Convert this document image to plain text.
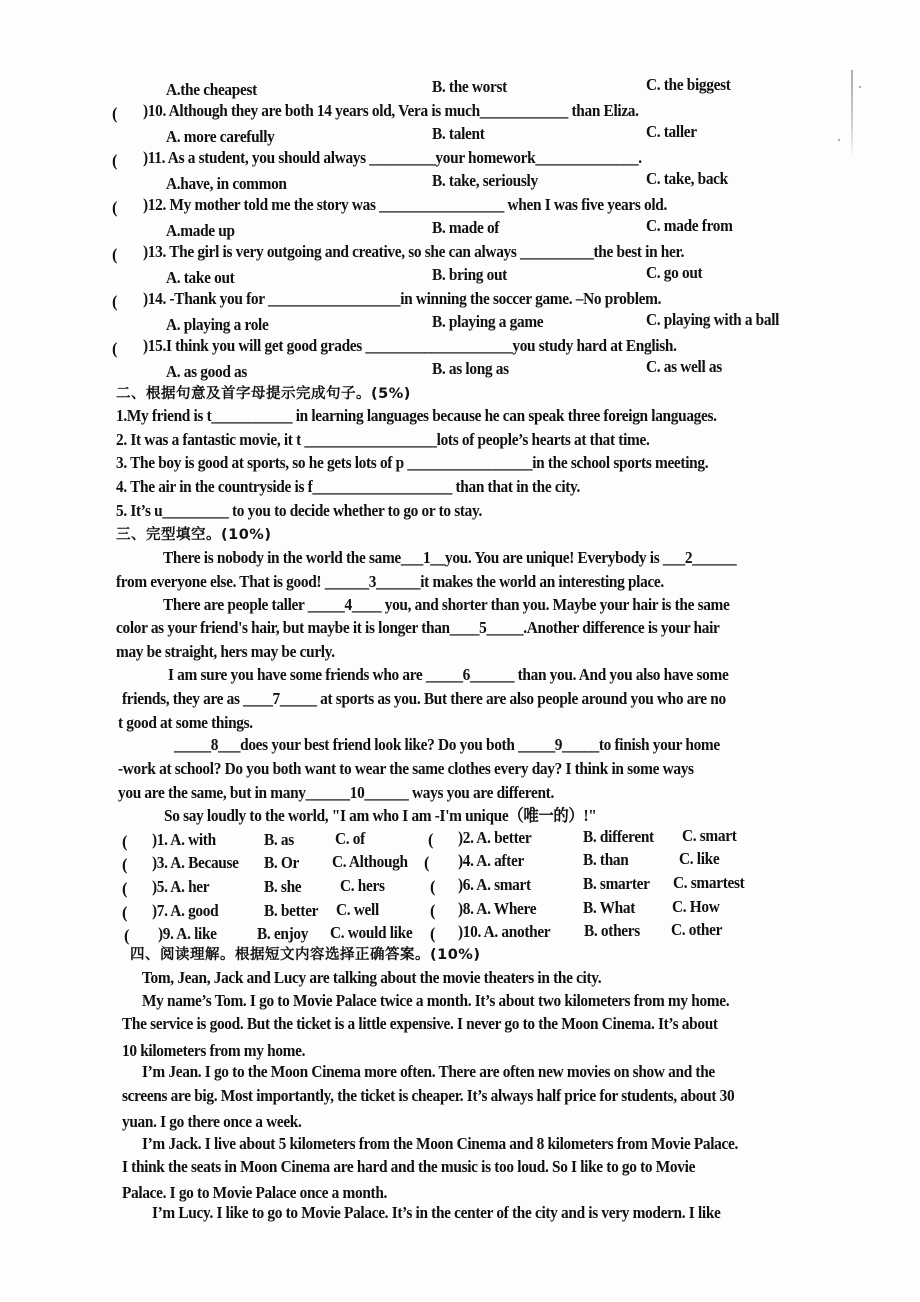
A.the cheapest	B. the worst	C. the biggest
( )10. Although they are both 14 years old, Vera is much____________ than Eliza.
A. more carefully	B. talent	C. taller
( )11. As a student, you should always _________your homework______________.
A.have, in common	B. take, seriously	C. take, back
( )12. My mother told me the story was _________________ when I was five years old.
A.made up	B. made of	C. made from
( )13. The girl is very outgoing and creative, so she can always __________the best in her.
A. take out	B. bring out	C. go out
( )14. -Thank you for __________________in winning the soccer game. –No problem.
A. playing a role	B. playing a game	C. playing with a ball
( )15.I think you will get good grades ____________________you study hard at English.
A. as good as	B. as long as	C. as well as
二、根据句意及首字母提示完成句子。(5%)
1.My friend is t___________ in learning languages because he can speak three foreign languages.
2. It was a fantastic movie, it t __________________lots of people’s hearts at that time.
3. The boy is good at sports, so he gets lots of p _________________in the school sports meeting.
4. The air in the countryside is f___________________ than that in the city.
5. It’s u_________ to you to decide whether to go or to stay.
三、完型填空。(10%)
There is nobody in the world the same___1__you. You are unique! Everybody is ___2______
from everyone else. That is good! ______3______it makes the world an interesting place.
There are people taller _____4____ you, and shorter than you. Maybe your hair is the same
color as your friend's hair, but maybe it is longer than____5_____.Another difference is your hair
may be straight, hers may be curly.
I am sure you have some friends who are _____6______ than you. And you also have some
friends, they are as ____7_____ at sports as you. But there are also people around you who are no
t good at some things.
_____8___does your best friend look like? Do you both _____9_____to finish your home
-work at school? Do you both want to wear the same clothes every day? I think in some ways
you are the same, but in many______10______ ways you are different.
So say loudly to the world, "I am who I am -I'm unique（唯一的）!"
( )1. A. with	B. as C. of	( )2. A. better	B. different C. smart
( )3. A. Because B. Or C. Although ( )4. A. after	B. than	C. like
( )5. A. her	B. she C. hers	( )6. A. smart	B. smarter C. smartest
( )7. A. good	B. better C. well	( )8. A. Where	B. What C. How
( )9. A. like B. enjoy C. would like ( )10. A. another B. others C. other
四、阅读理解。根据短文内容选择正确答案。(10%)
Tom, Jean, Jack and Lucy are talking about the movie theaters in the city.
My name’s Tom. I go to Movie Palace twice a month. It’s about two kilometers from my home.
The service is good. But the ticket is a little expensive. I never go to the Moon Cinema. It’s about
10 kilometers from my home.
I’m Jean. I go to the Moon Cinema more often. There are often new movies on show and the
screens are big. Most importantly, the ticket is cheaper. It’s always half price for students, about 30
yuan. I go there once a week.
I’m Jack. I live about 5 kilometers from the Moon Cinema and 8 kilometers from Movie Palace.
I think the seats in Moon Cinema are hard and the music is too loud. So I like to go to Movie
Palace. I go to Movie Palace once a month.
I’m Lucy. I like to go to Movie Palace. It’s in the center of the city and is very modern. I like
